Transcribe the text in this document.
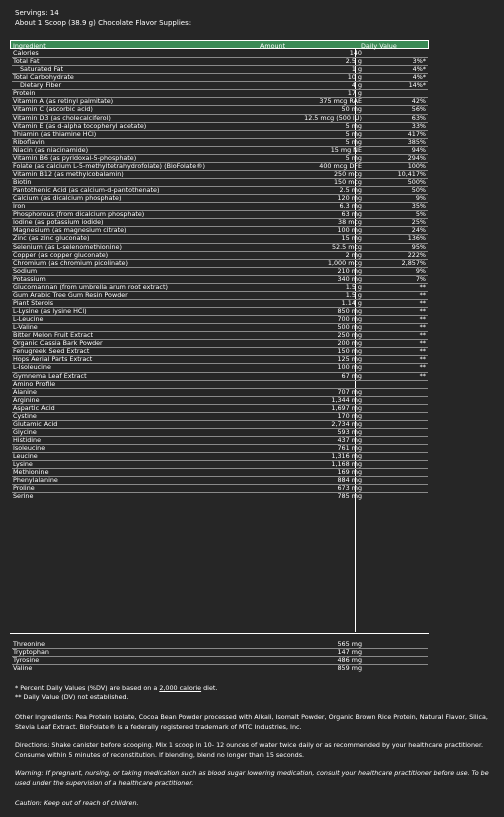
Servings: 14
About 1 Scoop (38.9 g) Chocolate Flavor Supplies:
Ingredient	Amount	Daily Value
Calories	140
Total Fat	2.5 g	3%*
Saturated Fat	1 g	4%*
Total Carbohydrate	10 g	4%*
Dietary Fiber	4 g	14%*
Protein	17 g
Vitamin A (as retinyl palmitate)	375 mcg RAE	42%
Vitamin C (ascorbic acid)	50 mg	56%
Vitamin D3 (as cholecalciferol)	12.5 mcg (500 IU)	63%
Vitamin E (as d-alpha tocopheryl acetate)	5 mg	33%
Thiamin (as thiamine HCl)	5 mg	417%
Riboflavin	5 mg	385%
Niacin (as niacinamide)	15 mg NE	94%
Vitamin B6 (as pyridoxal-5-phosphate)	5 mg	294%
Folate (as calcium L-5-methyltetrahydrofolate) (BioFolate®)	400 mcg DFE	100%
Vitamin B12 (as methylcobalamin)	250 mcg	10,417%
Biotin	150 mcg	500%
Pantothenic Acid (as calcium-d-pantothenate)	2.5 mg	50%
Calcium (as dicalcium phosphate)	120 mg	9%
Iron	6.3 mg	35%
Phosphorous (from dicalcium phosphate)	63 mg	5%
Iodine (as potassium iodide)	38 mcg	25%
Magnesium (as magnesium citrate)	100 mg	24%
Zinc (as zinc gluconate)	15 mg	136%
Selenium (as L-selenomethionine)	52.5 mcg	95%
Copper (as copper gluconate)	2 mg	222%
Chromium (as chromium picolinate)	1,000 mcg	2,857%
Sodium	210 mg	9%
Potassium	340 mg	7%
Glucomannan (from umbrella arum root extract)	1.5 g	**
Gum Arabic Tree Gum Resin Powder	1.5 g	**
Plant Sterols	1.14 g	**
L-Lysine (as lysine HCl)	850 mg	**
L-Leucine	700 mg	**
L-Valine	500 mg	**
Bitter Melon Fruit Extract	250 mg	**
Organic Cassia Bark Powder	200 mg	**
Fenugreek Seed Extract	150 mg	**
Hops Aerial Parts Extract	125 mg	**
L-Isoleucine	100 mg	**
Gymnema Leaf Extract	67 mg	**
Amino Profile
Alanine	707 mg
Arginine	1,344 mg
Aspartic Acid	1,697 mg
Cystine	170 mg
Glutamic Acid	2,734 mg
Glycine	593 mg
Histidine	437 mg
Isoleucine	761 mg
Leucine	1,316 mg
Lysine	1,168 mg
Methionine	169 mg
Phenylalanine	884 mg
Proline	673 mg
Serine	785 mg
Threonine	565 mg
Tryptophan	147 mg
Tyrosine	486 mg
Valine	859 mg
* Percent Daily Values (%DV) are based on a 2,000 calorie diet.
** Daily Value (DV) not established.
Other Ingredients: Pea Protein Isolate, Cocoa Bean Powder processed with Alkali, Isomalt Powder, Organic Brown Rice Protein, Natural Flavor, Silica, Stevia Leaf Extract. BioFolate® is a federally registered trademark of MTC Industries, Inc.
Directions: Shake canister before scooping. Mix 1 scoop in 10- 12 ounces of water twice daily or as recommended by your healthcare practitioner. Consume within 5 minutes of reconstitution. If blending, blend no longer than 15 seconds.
Warning: If pregnant, nursing, or taking medication such as blood sugar lowering medication, consult your healthcare practitioner before use. To be used under the supervision of a healthcare practitioner.
Caution: Keep out of reach of children.
